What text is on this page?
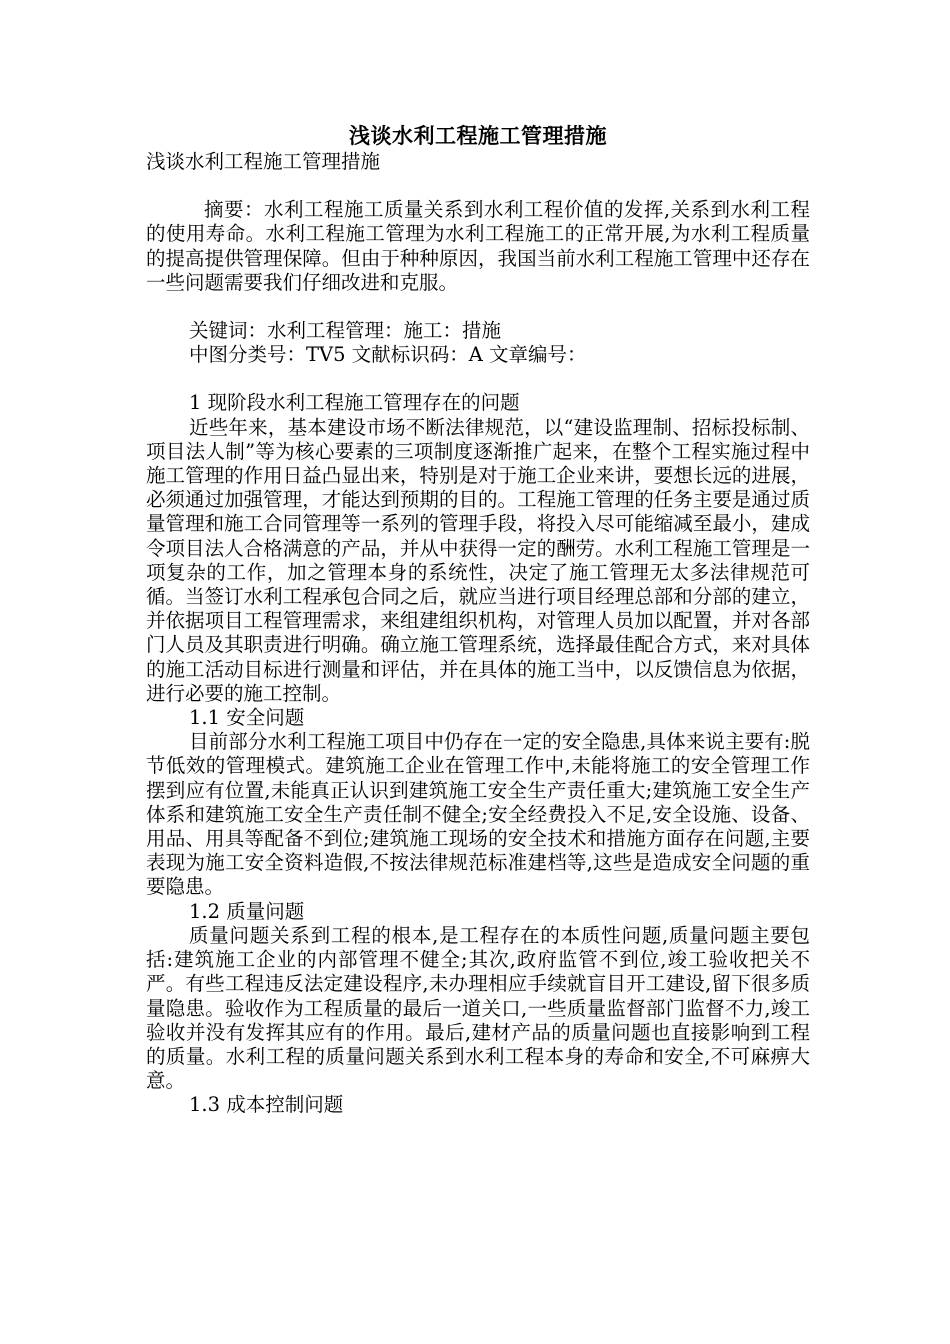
浅谈水利工程施工管理措施

浅谈水利工程施工管理措施

摘要：水利工程施工质量关系到水利工程价值的发挥,关系到水利工程的使用寿命。水利工程施工管理为水利工程施工的正常开展,为水利工程质量的提高提供管理保障。但由于种种原因，我国当前水利工程施工管理中还存在一些问题需要我们仔细改进和克服。

关键词：水利工程管理：施工：措施

中图分类号：TV5 文献标识码：A 文章编号：

1 现阶段水利工程施工管理存在的问题

近些年来，基本建设市场不断法律规范，以“建设监理制、招标投标制、项目法人制”等为核心要素的三项制度逐渐推广起来，在整个工程实施过程中施工管理的作用日益凸显出来，特别是对于施工企业来讲，要想长远的进展，必须通过加强管理，才能达到预期的目的。工程施工管理的任务主要是通过质量管理和施工合同管理等一系列的管理手段，将投入尽可能缩减至最小，建成令项目法人合格满意的产品，并从中获得一定的酬劳。水利工程施工管理是一项复杂的工作，加之管理本身的系统性，决定了施工管理无太多法律规范可循。当签订水利工程承包合同之后，就应当进行项目经理总部和分部的建立，并依据项目工程管理需求，来组建组织机构，对管理人员加以配置，并对各部门人员及其职责进行明确。确立施工管理系统，选择最佳配合方式，来对具体的施工活动目标进行测量和评估，并在具体的施工当中，以反馈信息为依据，进行必要的施工控制。

1.1 安全问题

目前部分水利工程施工项目中仍存在一定的安全隐患,具体来说主要有:脱节低效的管理模式。建筑施工企业在管理工作中,未能将施工的安全管理工作摆到应有位置,未能真正认识到建筑施工安全生产责任重大;建筑施工安全生产体系和建筑施工安全生产责任制不健全;安全经费投入不足,安全设施、设备、用品、用具等配备不到位;建筑施工现场的安全技术和措施方面存在问题,主要表现为施工安全资料造假,不按法律规范标准建档等,这些是造成安全问题的重要隐患。

1.2 质量问题

质量问题关系到工程的根本,是工程存在的本质性问题,质量问题主要包括:建筑施工企业的内部管理不健全;其次,政府监管不到位,竣工验收把关不严。有些工程违反法定建设程序,未办理相应手续就盲目开工建设,留下很多质量隐患。验收作为工程质量的最后一道关口,一些质量监督部门监督不力,竣工验收并没有发挥其应有的作用。最后,建材产品的质量问题也直接影响到工程的质量。水利工程的质量问题关系到水利工程本身的寿命和安全,不可麻痹大意。

1.3 成本控制问题
